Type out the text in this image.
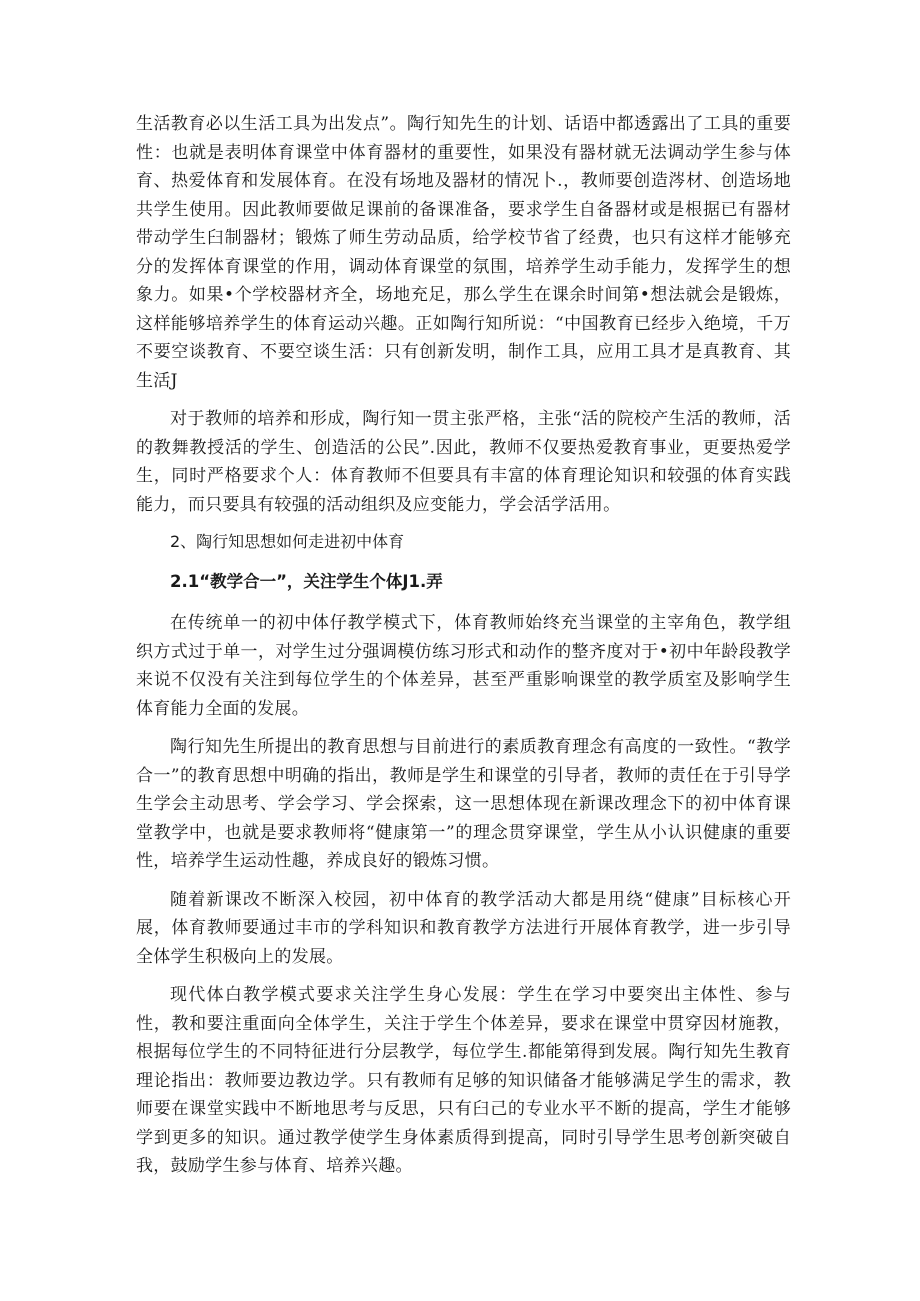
生活教育必以生活工具为出发点”。陶行知先生的计划、话语中都透露出了工具的重要性：也就是表明体育课堂中体育器材的重要性，如果没有器材就无法调动学生参与体育、热爱体育和发展体育。在没有场地及器材的情况卜.，教师要创造涔材、创造场地共学生使用。因此教师要做足课前的备课准备，要求学生自备器材或是根据已有器材带动学生臼制器材；锻炼了师生劳动品质，给学校节省了经费，也只有这样才能够充分的发挥体育课堂的作用，调动体育课堂的氛围，培养学生动手能力，发挥学生的想象力。如果•个学校器材齐全，场地充足，那么学生在课余时间第•想法就会是锻炼，这样能够培养学生的体育运动兴趣。正如陶行知所说：“中国教育已经步入绝境，千万不要空谈教育、不要空谈生活：只有创新发明，制作工具，应用工具才是真教育、其生活J

对于教师的培养和形成，陶行知一贯主张严格，主张“活的院校产生活的教师，活的教舞教授活的学生、创造活的公民”.因此，教师不仅要热爱教育事业，更要热爱学生，同时严格要求个人：体育教师不但要具有丰富的体育理论知识和较强的体育实践能力，而只要具有较强的活动组织及应变能力，学会活学活用。

2、陶行知思想如何走进初中体育

2.1“教学合一”，关注学生个体J1.弄

在传统单一的初中体仔教学模式下，体育教师始终充当课堂的主宰角色，教学组织方式过于单一，对学生过分强调模仿练习形式和动作的整齐度对于•初中年龄段教学来说不仅没有关注到每位学生的个体差异，甚至严重影响课堂的教学质室及影响学生体育能力全面的发展。

陶行知先生所提出的教育思想与目前进行的素质教育理念有高度的一致性。“教学合一”的教育思想中明确的指出，教师是学生和课堂的引导者，教师的责任在于引导学生学会主动思考、学会学习、学会探索，这一思想体现在新课改理念下的初中体育课堂教学中，也就是要求教师将“健康第一”的理念贯穿课堂，学生从小认识健康的重要性，培养学生运动性趣，养成良好的锻炼习惯。

随着新课改不断深入校园，初中体育的教学活动大都是用绕“健康”目标核心开展，体育教师要通过丰市的学科知识和教育教学方法进行开展体育教学，进一步引导全体学生积极向上的发展。

现代体白教学模式要求关注学生身心发展：学生在学习中要突出主体性、参与性，教和要注重面向全体学生，关注于学生个体差异，要求在课堂中贯穿因材施教，根据每位学生的不同特征进行分层教学，每位学生.都能第得到发展。陶行知先生教育理论指出：教师要边教边学。只有教师有足够的知识储备才能够满足学生的需求，教师要在课堂实践中不断地思考与反思，只有臼己的专业水平不断的提高，学生才能够学到更多的知识。通过教学使学生身体素质得到提高，同时引导学生思考创新突破自我，鼓励学生参与体育、培养兴趣。
